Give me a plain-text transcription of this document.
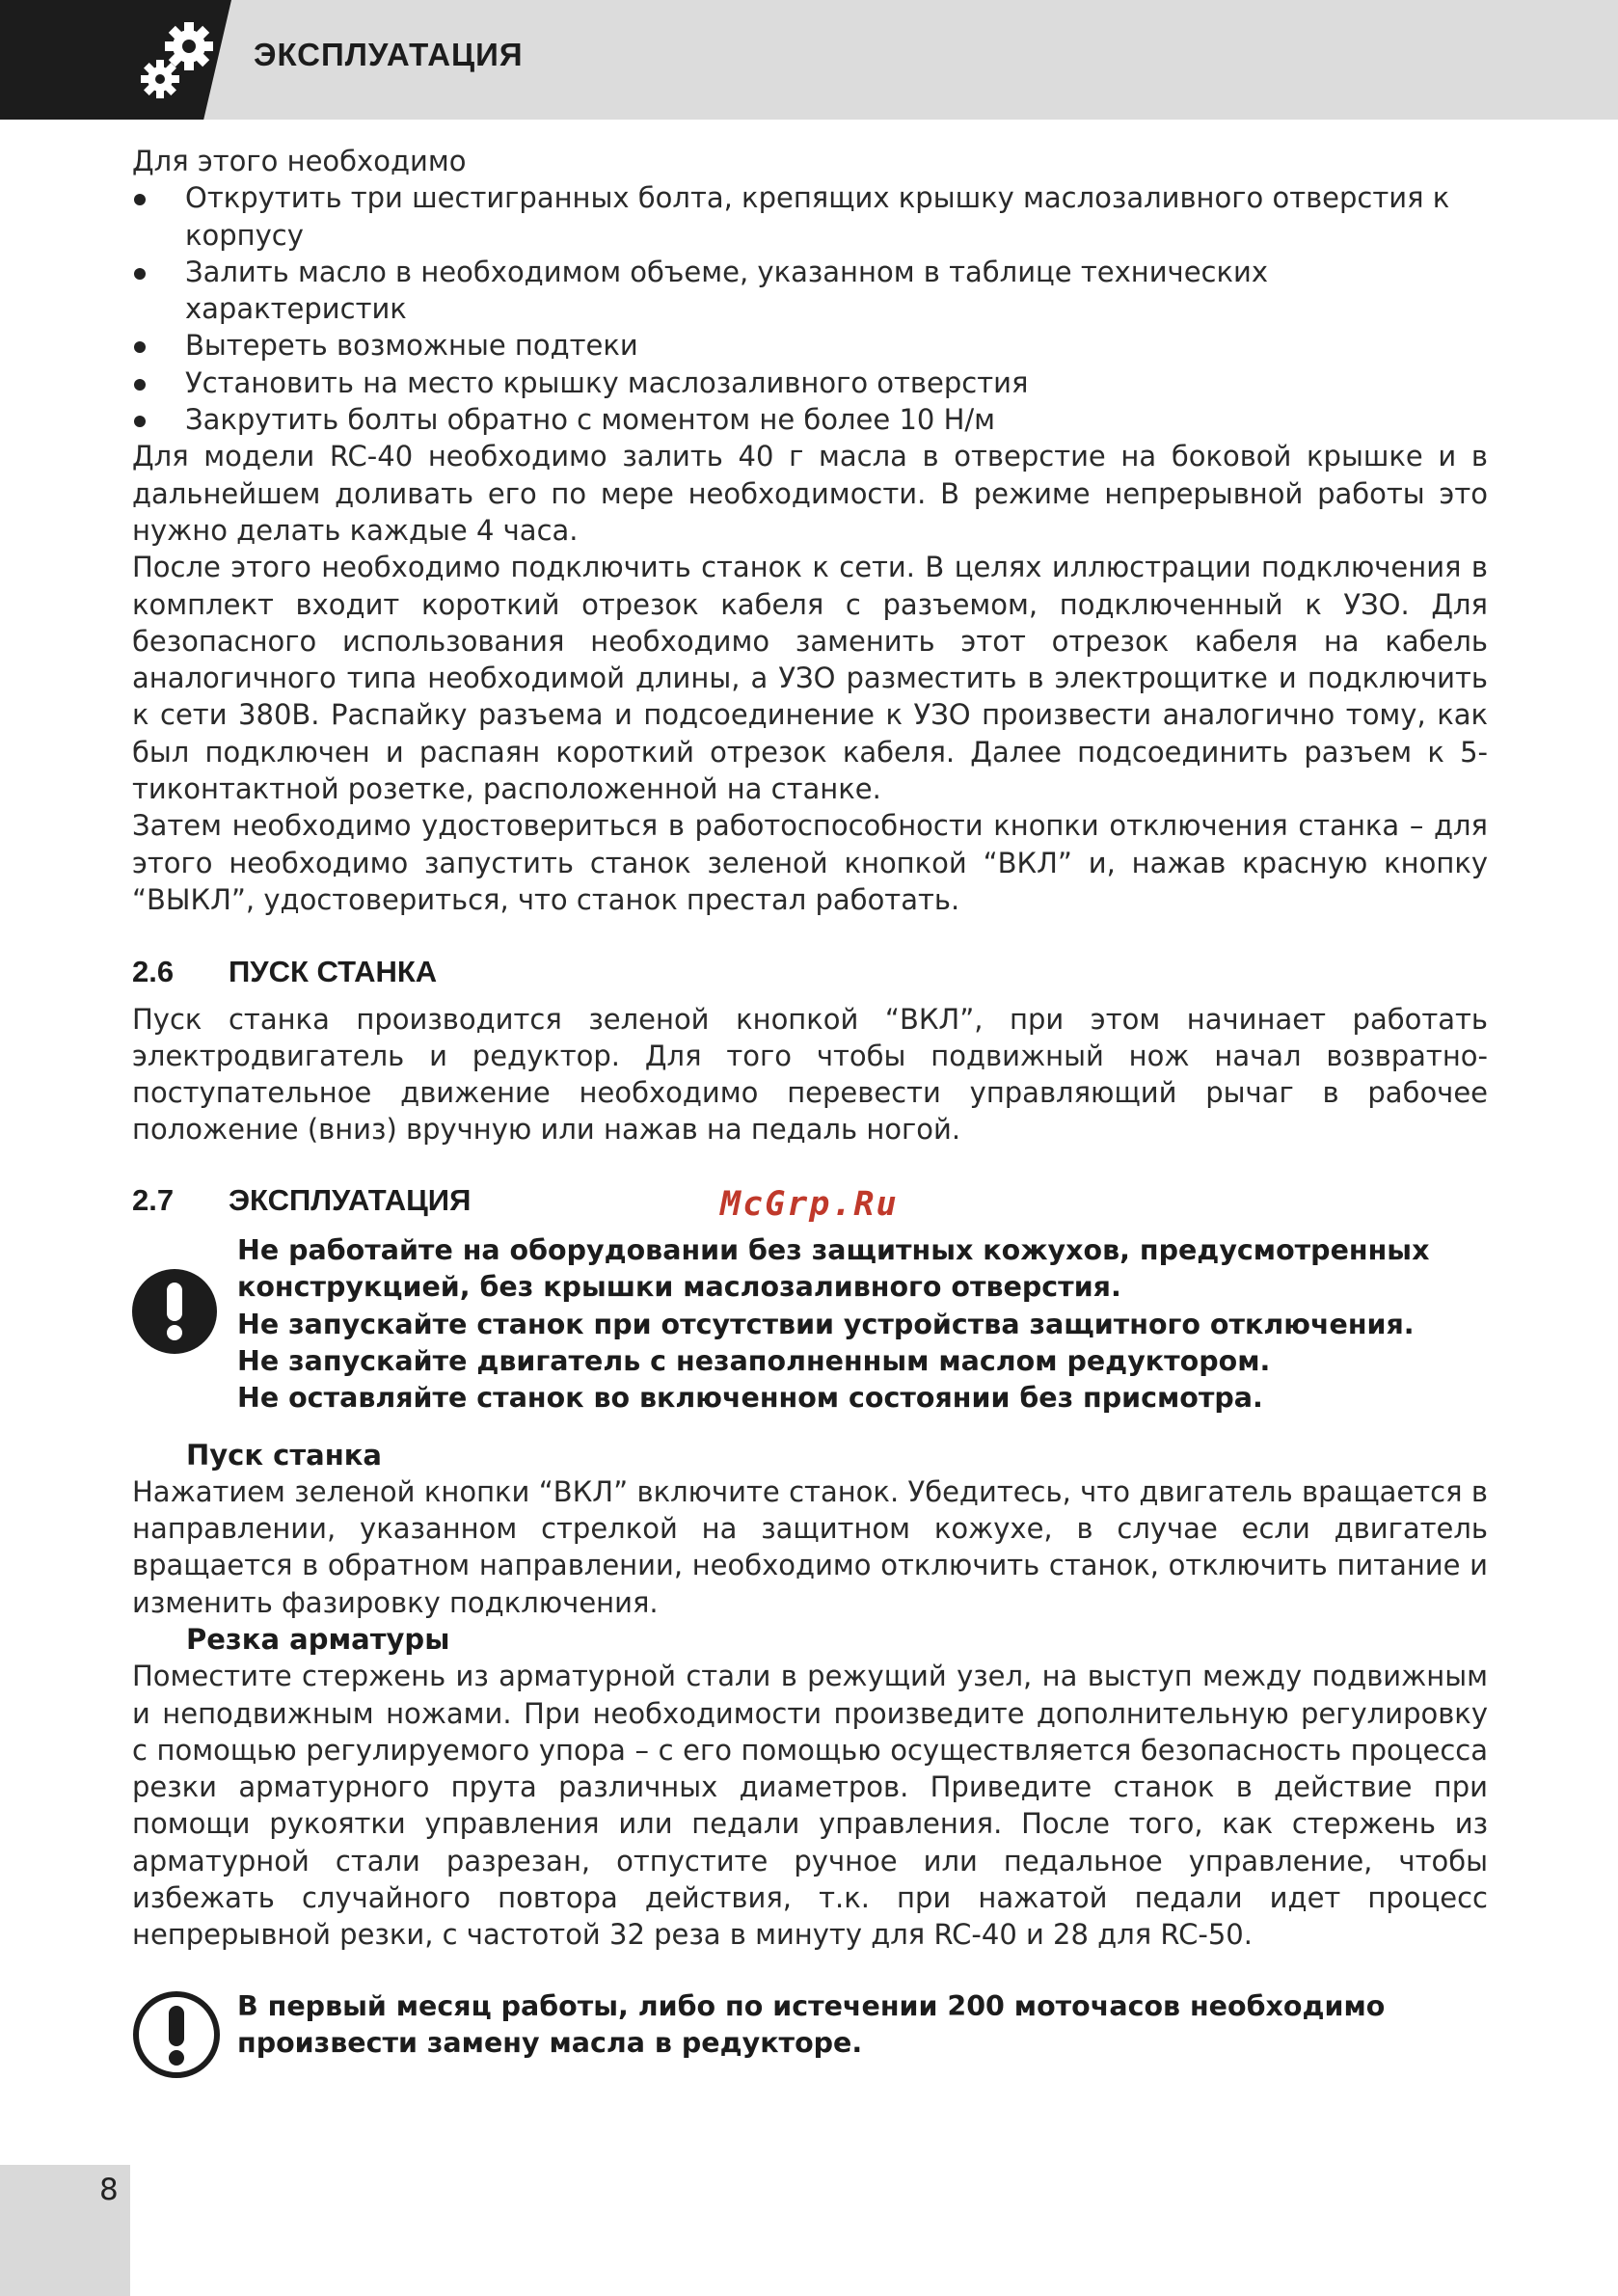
ЭКСПЛУАТАЦИЯ

Для этого необходимо

Открутить три шестигранных болта, крепящих крышку маслозаливного отверстия к корпусу
Залить масло в необходимом объеме, указанном в таблице технических характеристик
Вытереть возможные подтеки
Установить на место крышку маслозаливного отверстия
Закрутить болты обратно с моментом не более 10 Н/м

Для модели RC-40 необходимо залить 40 г масла в отверстие на боковой крышке и в дальнейшем доливать его по мере необходимости. В режиме непрерывной работы это нужно делать каждые 4 часа.

После этого необходимо подключить станок к сети. В целях иллюстрации подключения в комплект входит короткий отрезок кабеля с разъемом, подключенный к УЗО. Для безопасного использования необходимо заменить этот отрезок кабеля на кабель аналогичного типа необходимой длины, а УЗО разместить в электрощитке и подключить к сети 380В. Распайку разъема и подсоединение к УЗО произвести аналогично тому, как был подключен и распаян короткий отрезок кабеля. Далее подсоединить разъем к 5-тиконтактной розетке, расположенной на станке.

Затем необходимо удостовериться в работоспособности кнопки отключения станка – для этого необходимо запустить станок зеленой кнопкой “ВКЛ” и, нажав красную кнопку “ВЫКЛ”, удостовериться, что станок престал работать.

2.6	ПУСК СТАНКА

Пуск станка производится зеленой кнопкой “ВКЛ”, при этом начинает работать электродвигатель и редуктор. Для того чтобы подвижный нож начал возвратно-поступательное движение необходимо перевести управляющий рычаг в рабочее положение (вниз) вручную или нажав на педаль ногой.

2.7	ЭКСПЛУАТАЦИЯ	McGrp.Ru
Не работайте на оборудовании без защитных кожухов, предусмотренных
конструкцией, без крышки маслозаливного отверстия.
Не запускайте станок при отсутствии устройства защитного отключения.
Не запускайте двигатель с незаполненным маслом редуктором.
Не оставляйте станок во включенном состоянии без присмотра.
Пуск станка

Нажатием зеленой кнопки “ВКЛ” включите станок. Убедитесь, что двигатель вращается в направлении, указанном стрелкой на защитном кожухе, в случае если двигатель вращается в обратном направлении, необходимо отключить станок, отключить питание и изменить фазировку подключения.

Резка арматуры

Поместите стержень из арматурной стали в режущий узел, на выступ между подвижным и неподвижным ножами. При необходимости произведите дополнительную регулировку с помощью регулируемого упора – с его помощью осуществляется безопасность процесса резки арматурного прута различных диаметров. Приведите станок в действие при помощи рукоятки управления или педали управления. После того, как стержень из арматурной стали разрезан, отпустите ручное или педальное управление, чтобы избежать случайного повтора действия, т.к. при нажатой педали идет процесс непрерывной резки, с частотой 32 реза в минуту для RC-40 и 28 для RC-50.

В первый месяц работы, либо по истечении 200 моточасов необходимо
произвести замену масла в редукторе.
8
